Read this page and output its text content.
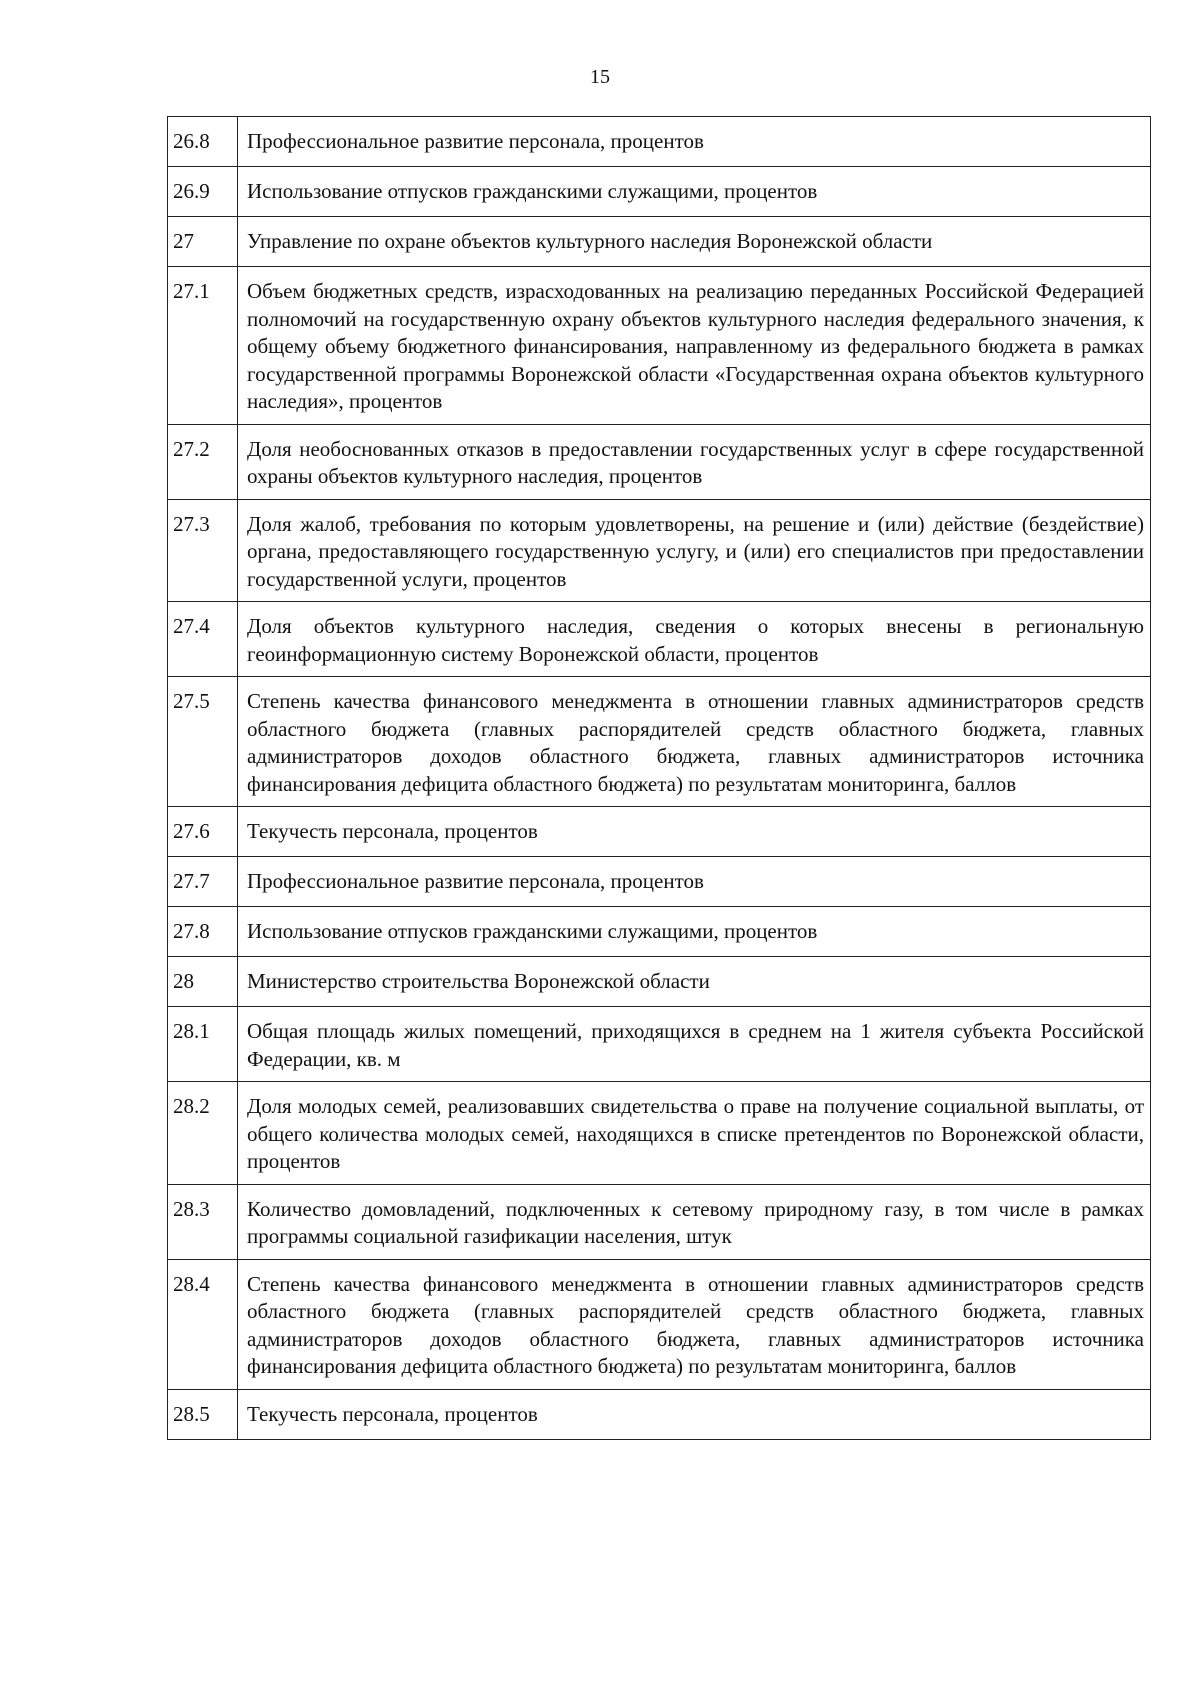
15
26.8	Профессиональное развитие персонала, процентов
26.9	Использование отпусков гражданскими служащими, процентов
27	Управление по охране объектов культурного наследия Воронежской области
27.1	Объем бюджетных средств, израсходованных на реализацию переданных Российской Федерацией полномочий на государственную охрану объектов культурного наследия федерального значения, к общему объему бюджетного финансирования, направленному из федерального бюджета в рамках государственной программы Воронежской области «Государственная охрана объектов культурного наследия», процентов
27.2	Доля необоснованных отказов в предоставлении государственных услуг в сфере государственной охраны объектов культурного наследия, процентов
27.3	Доля жалоб, требования по которым удовлетворены, на решение и (или) действие (бездействие) органа, предоставляющего государственную услугу, и (или) его специалистов при предоставлении государственной услуги, процентов
27.4	Доля объектов культурного наследия, сведения о которых внесены в региональную геоинформационную систему Воронежской области, процентов
27.5	Степень качества финансового менеджмента в отношении главных администраторов средств областного бюджета (главных распорядителей средств областного бюджета, главных администраторов доходов областного бюджета, главных администраторов источника финансирования дефицита областного бюджета) по результатам мониторинга, баллов
27.6	Текучесть персонала, процентов
27.7	Профессиональное развитие персонала, процентов
27.8	Использование отпусков гражданскими служащими, процентов
28	Министерство строительства Воронежской области
28.1	Общая площадь жилых помещений, приходящихся в среднем на 1 жителя субъекта Российской Федерации, кв. м
28.2	Доля молодых семей, реализовавших свидетельства о праве на получение социальной выплаты, от общего количества молодых семей, находящихся в списке претендентов по Воронежской области, процентов
28.3	Количество домовладений, подключенных к сетевому природному газу, в том числе в рамках программы социальной газификации населения, штук
28.4	Степень качества финансового менеджмента в отношении главных администраторов средств областного бюджета (главных распорядителей средств областного бюджета, главных администраторов доходов областного бюджета, главных администраторов источника финансирования дефицита областного бюджета) по результатам мониторинга, баллов
28.5	Текучесть персонала, процентов
